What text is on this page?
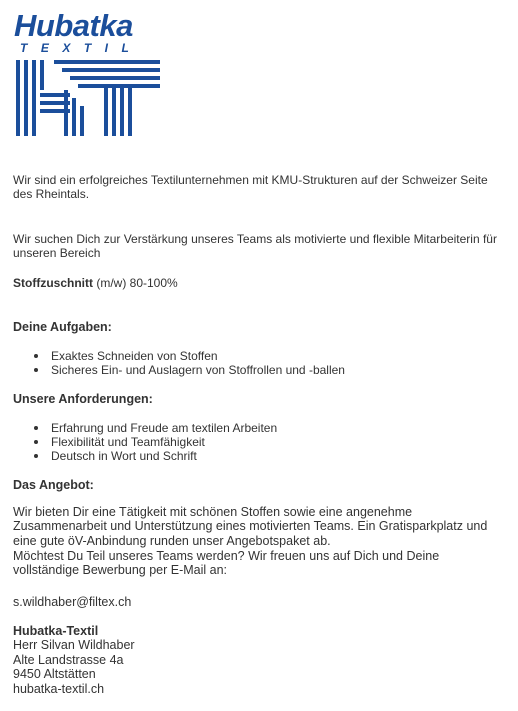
Hubatka
TEXTIL

Wir sind ein erfolgreiches Textilunternehmen mit KMU-Strukturen auf der Schweizer Seite des Rheintals.

Wir suchen Dich zur Verstärkung unseres Teams als motivierte und flexible Mitarbeiterin für unseren Bereich

Stoffzuschnitt (m/w) 80-100%

Deine Aufgaben:
Exaktes Schneiden von Stoffen
Sicheres Ein- und Auslagern von Stoffrollen und -ballen
Unsere Anforderungen:
Erfahrung und Freude am textilen Arbeiten
Flexibilität und Teamfähigkeit
Deutsch in Wort und Schrift
Das Angebot:

Wir bieten Dir eine Tätigkeit mit schönen Stoffen sowie eine angenehme Zusammenarbeit und Unterstützung eines motivierten Teams. Ein Gratisparkplatz und eine gute öV-Anbindung runden unser Angebotspaket ab.

Möchtest Du Teil unseres Teams werden? Wir freuen uns auf Dich und Deine vollständige Bewerbung per E-Mail an:

s.wildhaber@filtex.ch

Hubatka-Textil
Herr Silvan Wildhaber
Alte Landstrasse 4a
9450 Altstätten
hubatka-textil.ch
